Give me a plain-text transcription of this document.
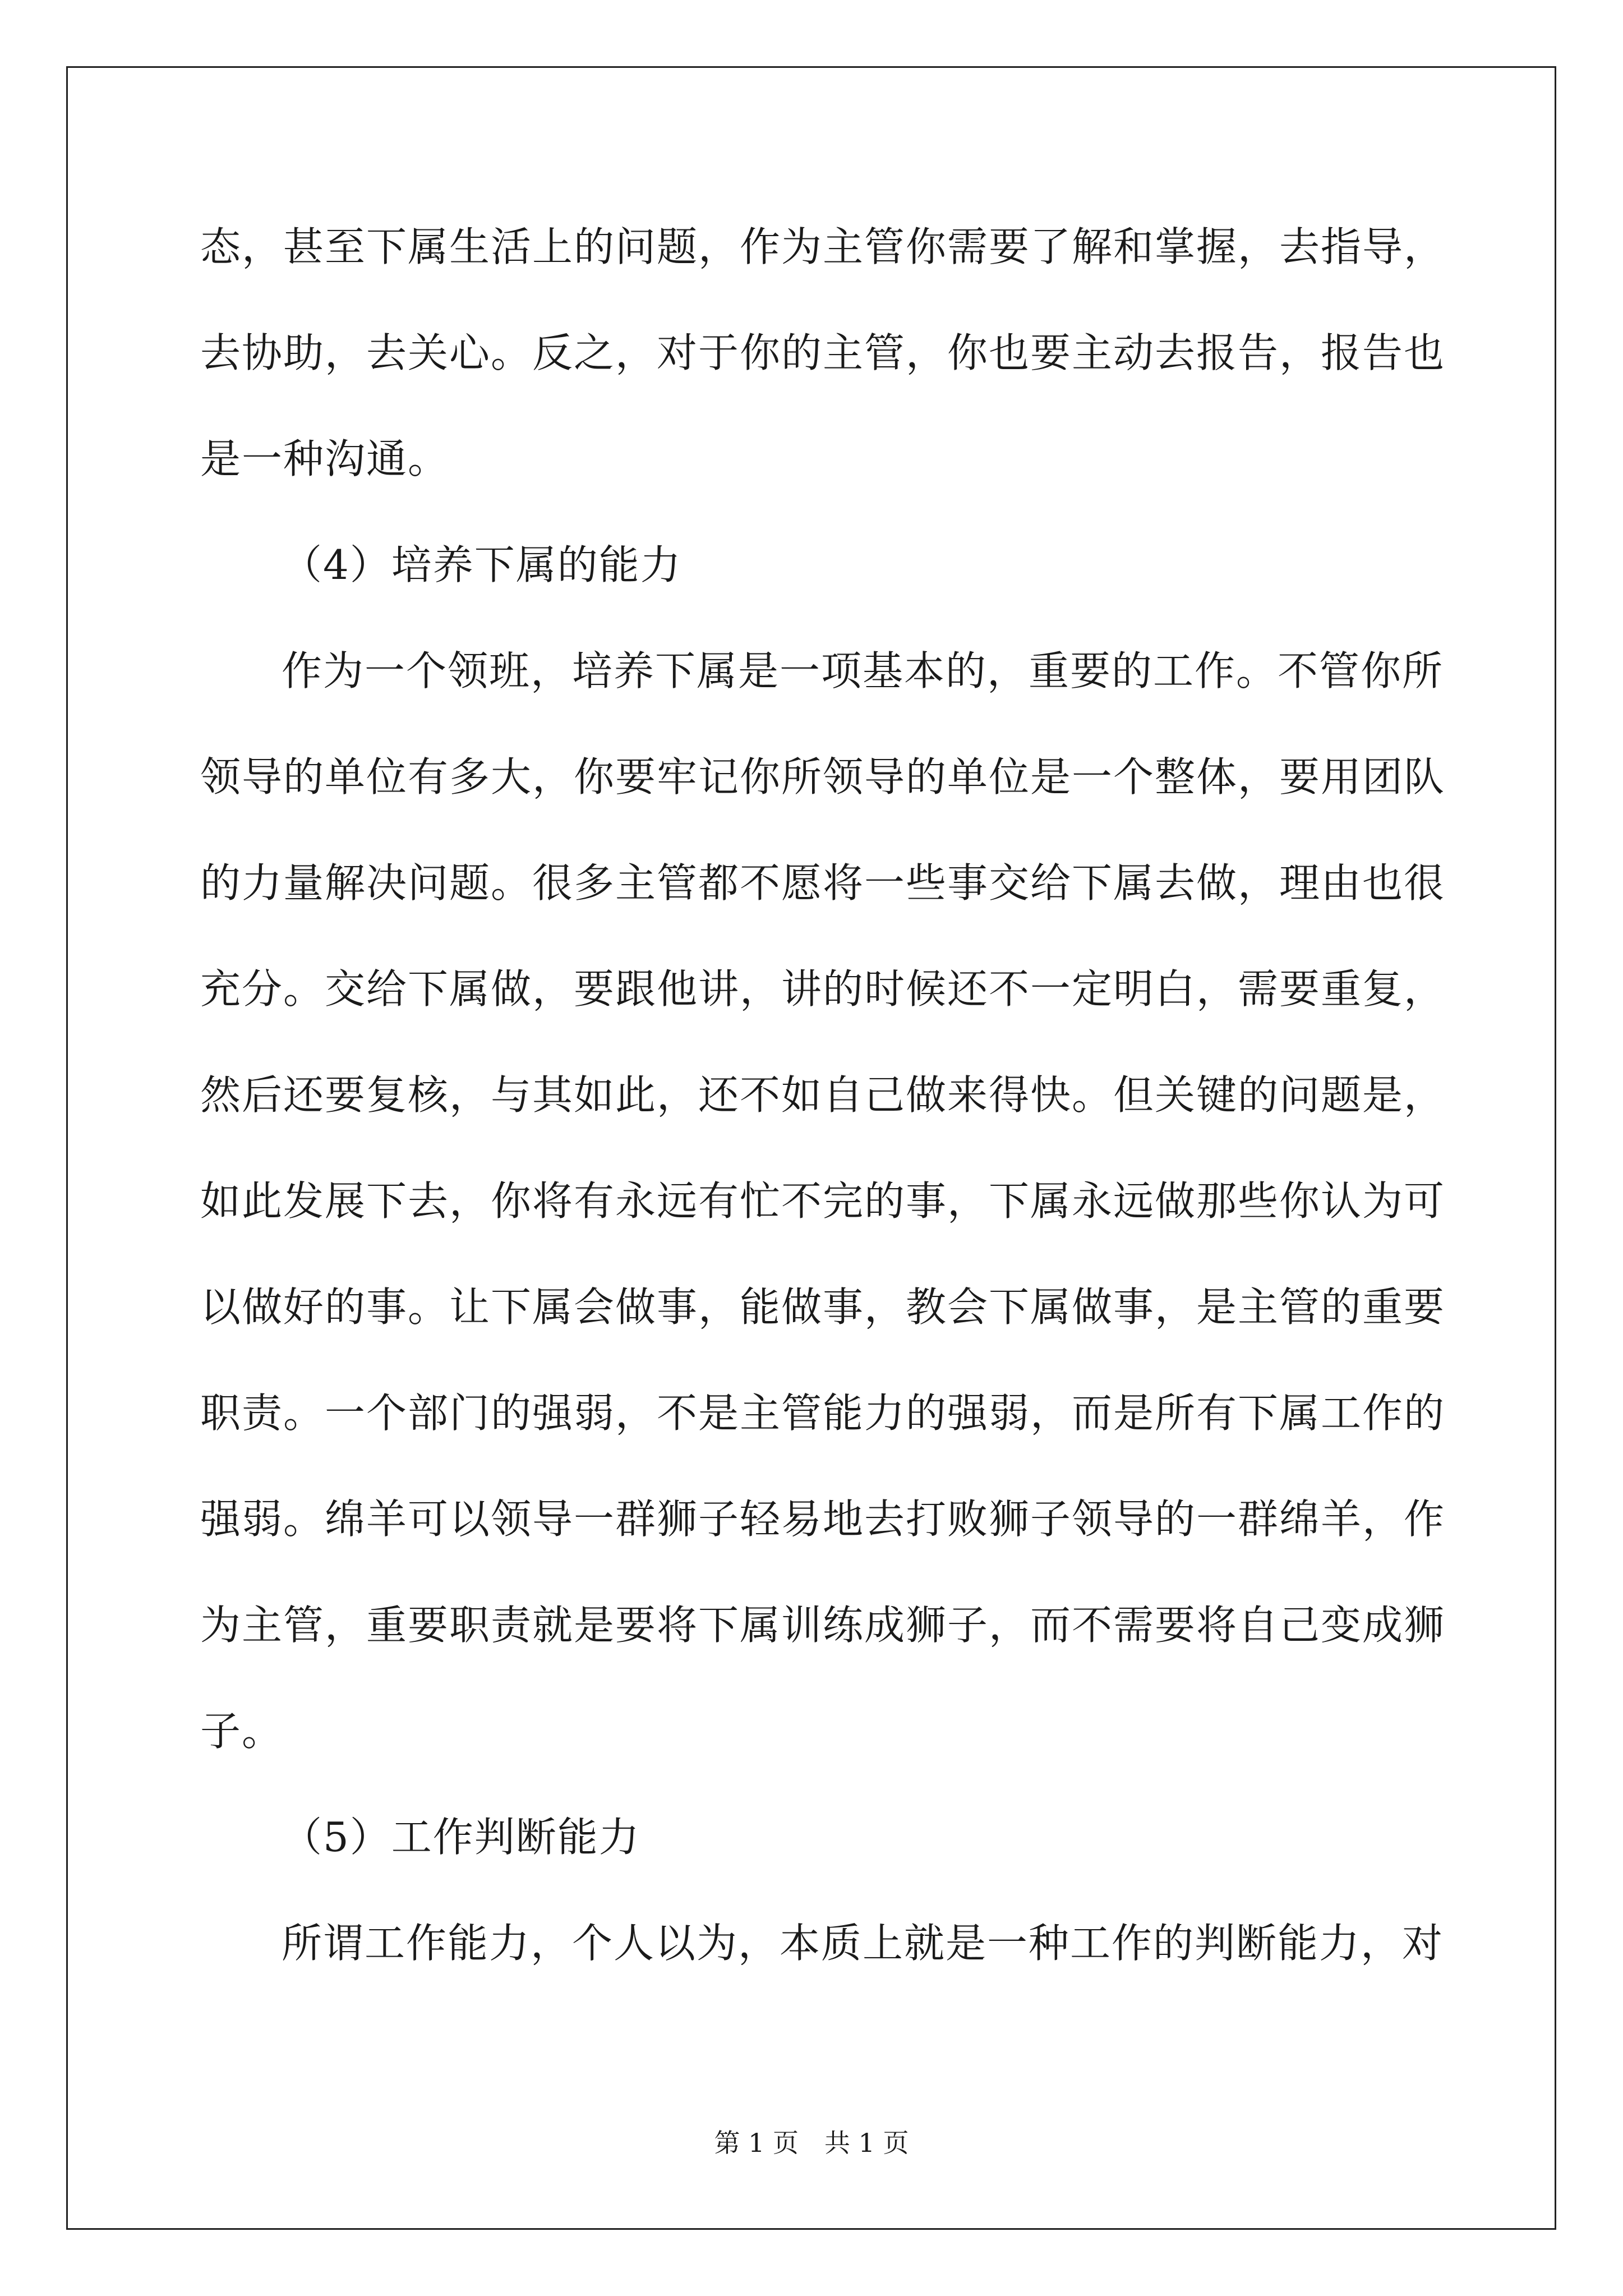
态，甚至下属生活上的问题，作为主管你需要了解和掌握，去指导，
去协助，去关心。反之，对于你的主管，你也要主动去报告，报告也
是一种沟通。
（4）培养下属的能力
作为一个领班，培养下属是一项基本的，重要的工作。不管你所
领导的单位有多大，你要牢记你所领导的单位是一个整体，要用团队
的力量解决问题。很多主管都不愿将一些事交给下属去做，理由也很
充分。交给下属做，要跟他讲，讲的时候还不一定明白，需要重复，
然后还要复核，与其如此，还不如自己做来得快。但关键的问题是，
如此发展下去，你将有永远有忙不完的事，下属永远做那些你认为可
以做好的事。让下属会做事，能做事，教会下属做事，是主管的重要
职责。一个部门的强弱，不是主管能力的强弱，而是所有下属工作的
强弱。绵羊可以领导一群狮子轻易地去打败狮子领导的一群绵羊，作
为主管，重要职责就是要将下属训练成狮子，而不需要将自己变成狮
子。
（5）工作判断能力
所谓工作能力，个人以为，本质上就是一种工作的判断能力，对
第 1 页　共 1 页
